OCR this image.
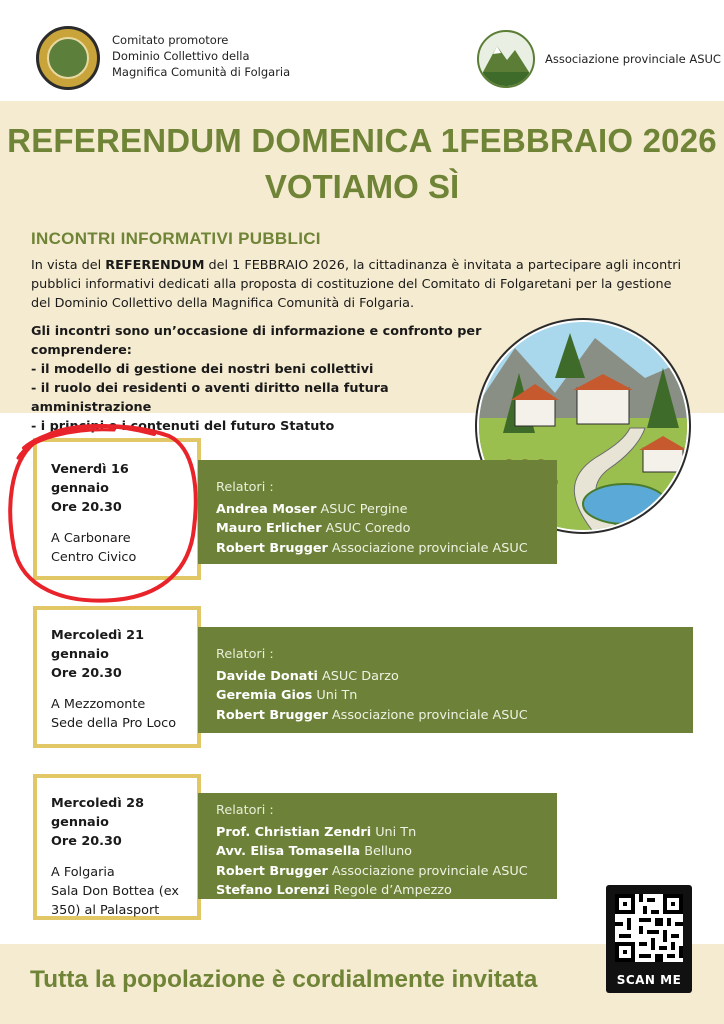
Comitato promotore
Dominio Collettivo della
Magnifica Comunità di Folgaria
Associazione provinciale ASUC
REFERENDUM DOMENICA 1FEBBRAIO 2026
VOTIAMO SÌ
INCONTRI INFORMATIVI PUBBLICI
In vista del REFERENDUM del 1 FEBBRAIO 2026, la cittadinanza è invitata a partecipare agli incontri pubblici informativi dedicati alla proposta di costituzione del Comitato di Folgaretani per la gestione del Dominio Collettivo della Magnifica Comunità di Folgaria.
Gli incontri sono un’occasione di informazione e confronto per comprendere:
- il modello di gestione dei nostri beni collettivi
- il ruolo dei residenti o aventi diritto nella futura amministrazione
- i principi e i contenuti del futuro Statuto
Venerdì 16 gennaio
Ore 20.30
A Carbonare
Centro Civico
Relatori :
Andrea Moser ASUC Pergine
Mauro Erlicher ASUC Coredo
Robert Brugger Associazione provinciale ASUC
Mercoledì 21 gennaio
Ore 20.30
A Mezzomonte
Sede della Pro Loco
Relatori :
Davide Donati ASUC Darzo
Geremia Gios Uni Tn
Robert Brugger Associazione provinciale ASUC
Mercoledì 28 gennaio
Ore 20.30
A Folgaria
Sala Don Bottea (ex
350) al Palasport
Relatori :
Prof. Christian Zendri Uni Tn
Avv. Elisa Tomasella Belluno
Robert Brugger Associazione provinciale ASUC
Stefano Lorenzi Regole d’Ampezzo
Tutta la popolazione è cordialmente invitata	SCAN ME
